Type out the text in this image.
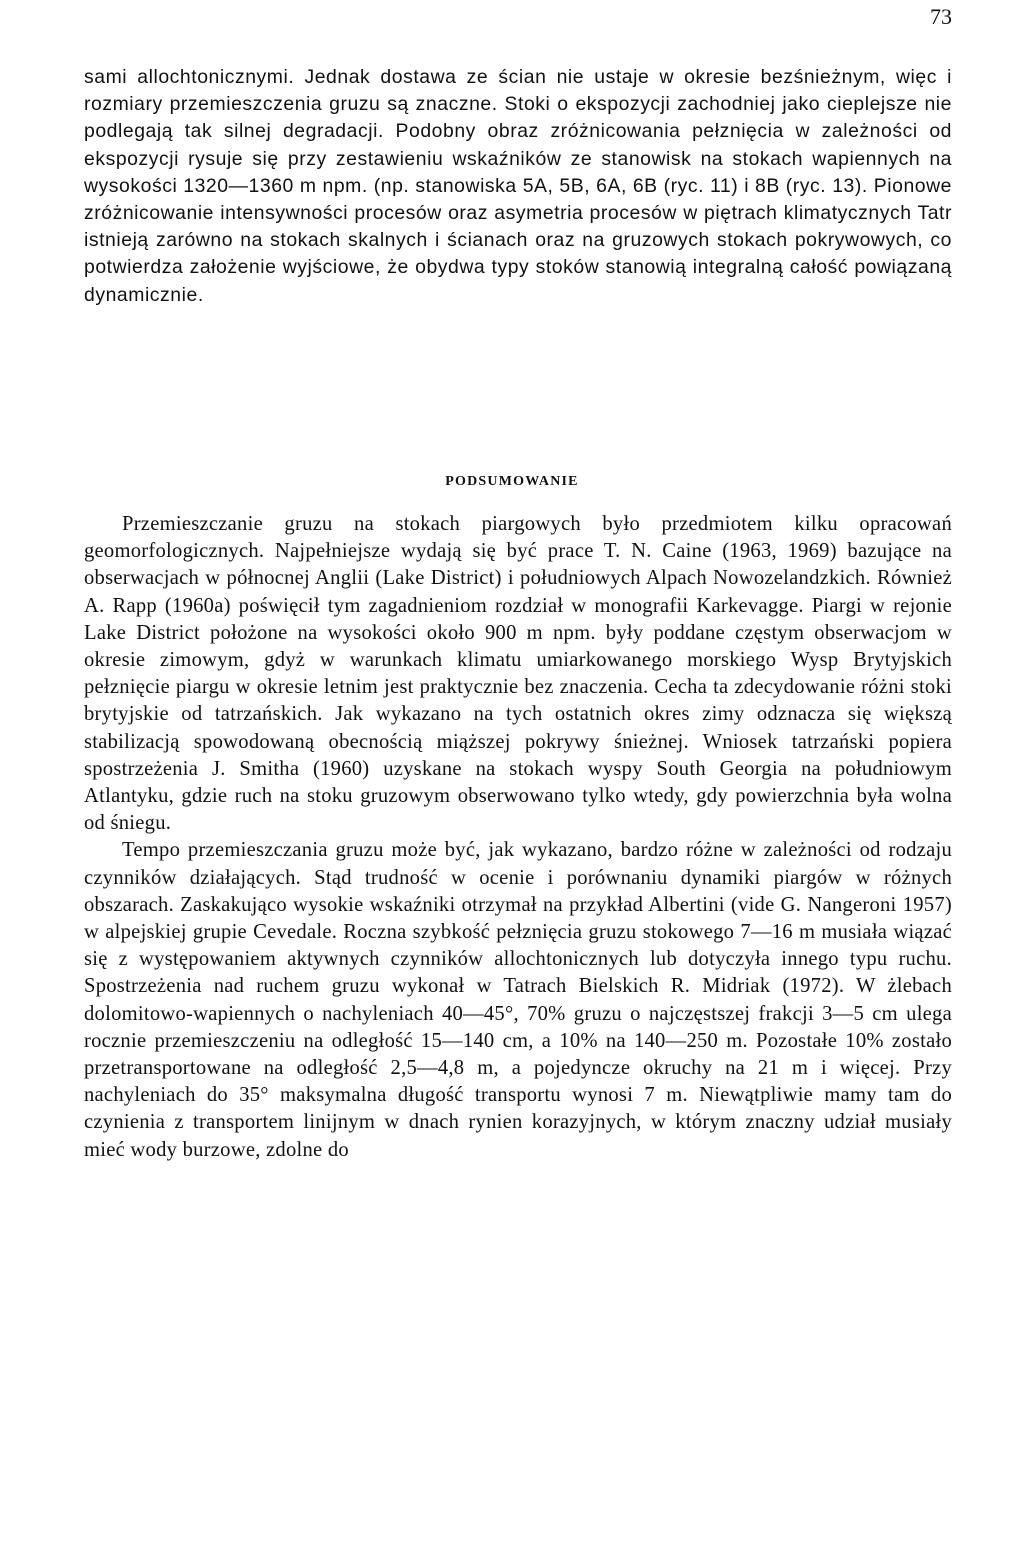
73

sami allochtonicznymi. Jednak dostawa ze ścian nie ustaje w okresie bezśnieżnym, więc i rozmiary przemieszczenia gruzu są znaczne. Stoki o ekspozycji zachodniej jako cieplejsze nie podlegają tak silnej degradacji. Podobny obraz zróżnicowania pełznięcia w zależności od ekspozycji rysuje się przy zestawieniu wskaźników ze stanowisk na stokach wapiennych na wysokości 1320—1360 m npm. (np. stanowiska 5A, 5B, 6A, 6B (ryc. 11) i 8B (ryc. 13). Pionowe zróżnicowanie intensywności procesów oraz asymetria procesów w piętrach klimatycznych Tatr istnieją zarówno na stokach skalnych i ścianach oraz na gruzowych stokach pokrywowych, co potwierdza założenie wyjściowe, że obydwa typy stoków stanowią integralną całość powiązaną dynamicznie.

PODSUMOWANIE

Przemieszczanie gruzu na stokach piargowych było przedmiotem kilku opracowań geomorfologicznych. Najpełniejsze wydają się być prace T. N. Caine (1963, 1969) bazujące na obserwacjach w północnej Anglii (Lake District) i południowych Alpach Nowozelandzkich. Również A. Rapp (1960a) poświęcił tym zagadnieniom rozdział w monografii Karkevagge. Piargi w rejonie Lake District położone na wysokości około 900 m npm. były poddane częstym obserwacjom w okresie zimowym, gdyż w warunkach klimatu umiarkowanego morskiego Wysp Brytyjskich pełznięcie piargu w okresie letnim jest praktycznie bez znaczenia. Cecha ta zdecydowanie różni stoki brytyjskie od tatrzańskich. Jak wykazano na tych ostatnich okres zimy odznacza się większą stabilizacją spowodowaną obecnością miąższej pokrywy śnieżnej. Wniosek tatrzański popiera spostrzeżenia J. Smitha (1960) uzyskane na stokach wyspy South Georgia na południowym Atlantyku, gdzie ruch na stoku gruzowym obserwowano tylko wtedy, gdy powierzchnia była wolna od śniegu.

Tempo przemieszczania gruzu może być, jak wykazano, bardzo różne w zależności od rodzaju czynników działających. Stąd trudność w ocenie i porównaniu dynamiki piargów w różnych obszarach. Zaskakująco wysokie wskaźniki otrzymał na przykład Albertini (vide G. Nangeroni 1957) w alpejskiej grupie Cevedale. Roczna szybkość pełznięcia gruzu stokowego 7—16 m musiała wiązać się z występowaniem aktywnych czynników allochtonicznych lub dotyczyła innego typu ruchu. Spostrzeżenia nad ruchem gruzu wykonał w Tatrach Bielskich R. Midriak (1972). W żlebach dolomitowo-wapiennych o nachyleniach 40—45°, 70% gruzu o najczęstszej frakcji 3—5 cm ulega rocznie przemieszczeniu na odległość 15—140 cm, a 10% na 140—250 m. Pozostałe 10% zostało przetransportowane na odległość 2,5—4,8 m, a pojedyncze okruchy na 21 m i więcej. Przy nachyleniach do 35° maksymalna długość transportu wynosi 7 m. Niewątpliwie mamy tam do czynienia z transportem linijnym w dnach rynien korazyjnych, w którym znaczny udział musiały mieć wody burzowe, zdolne do
